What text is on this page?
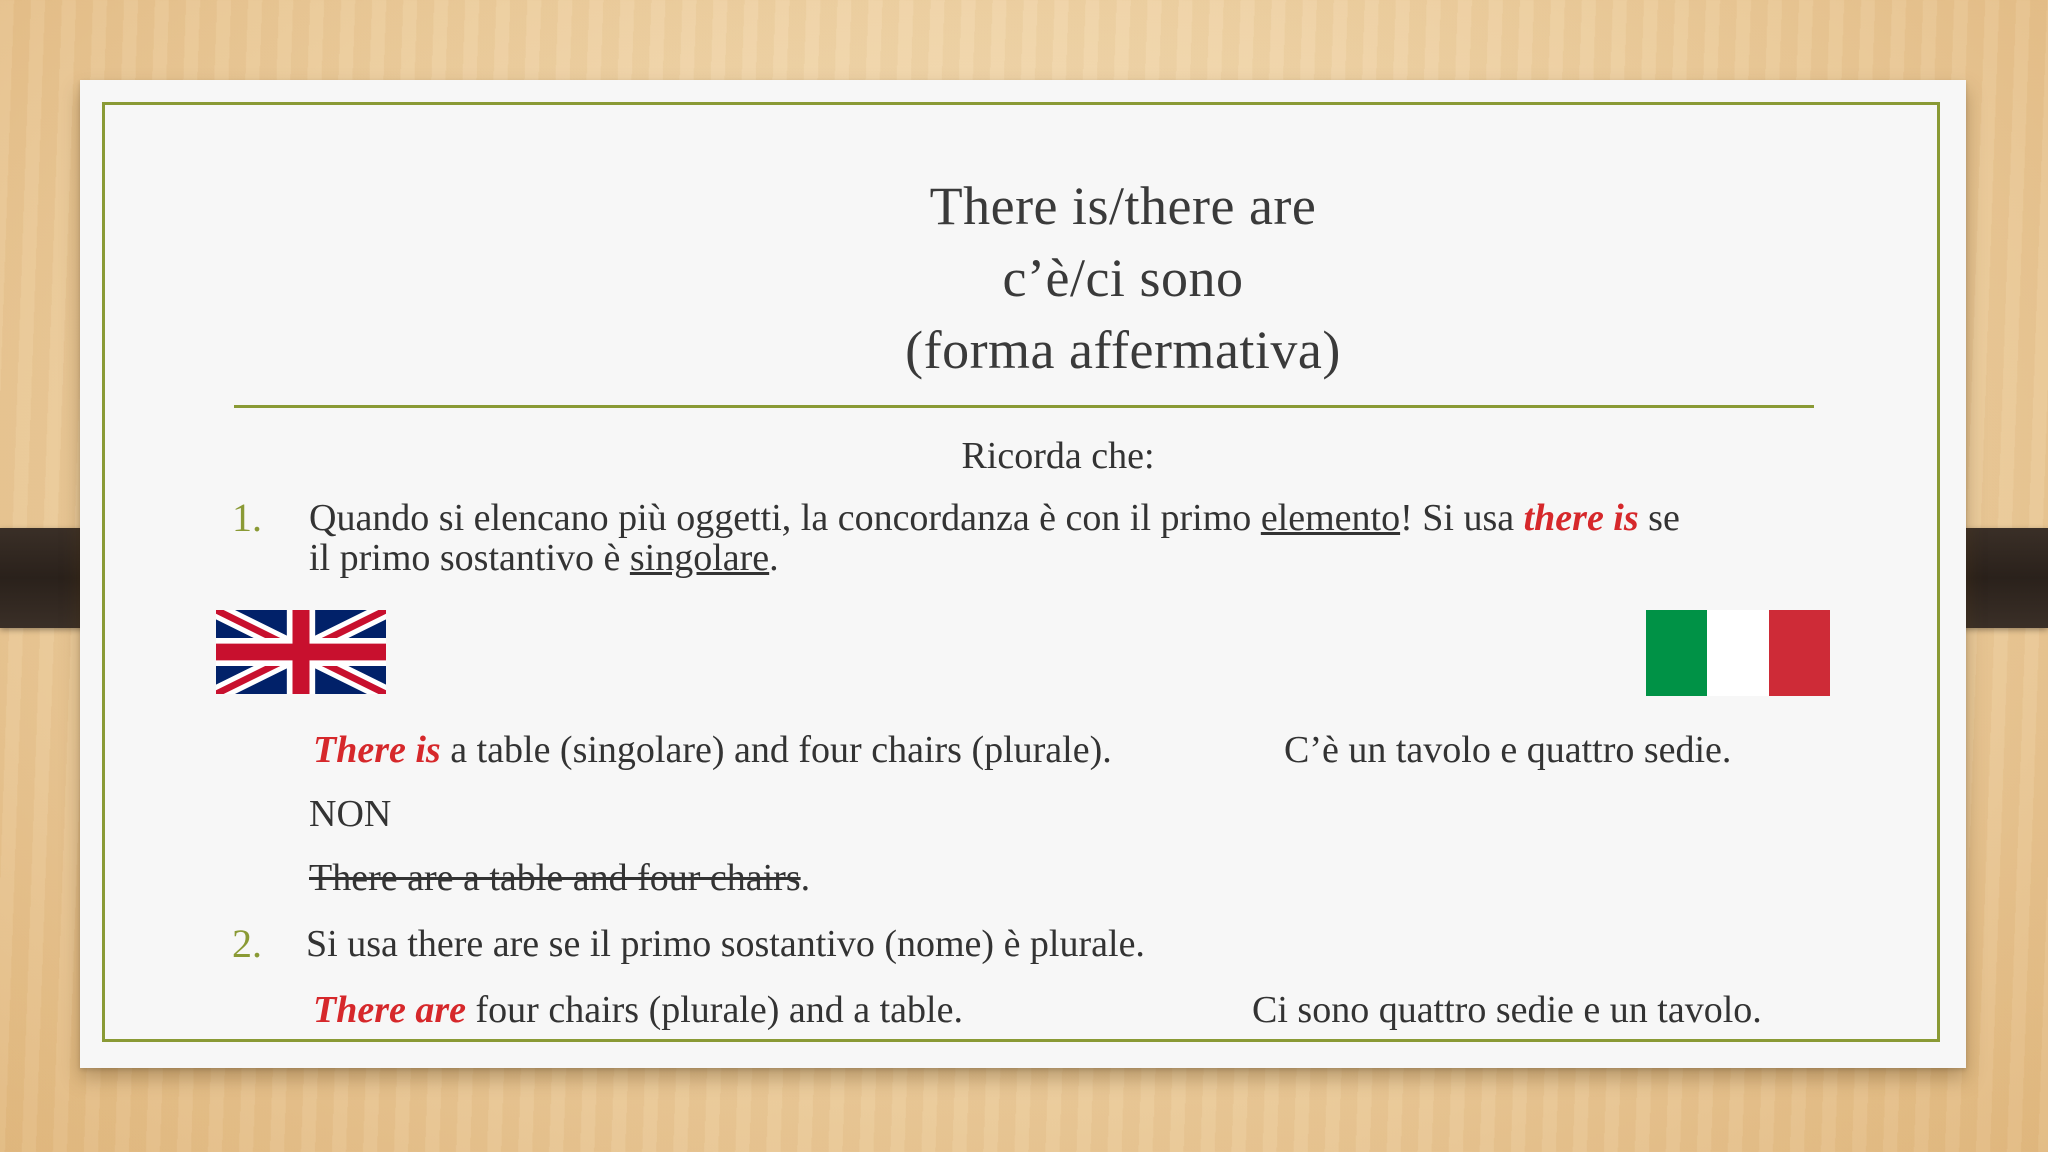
There is/there are
c’è/ci sono
(forma affermativa)
Ricorda che:
1. Quando si elencano più oggetti, la concordanza è con il primo elemento! Si usa there is se
il primo sostantivo è singolare.
There is a table (singolare) and four chairs (plurale).	C’è un tavolo e quattro sedie.
NON
There are a table and four chairs.
2. Si usa there are se il primo sostantivo (nome) è plurale.
There are four chairs (plurale) and a table.	Ci sono quattro sedie e un tavolo.
